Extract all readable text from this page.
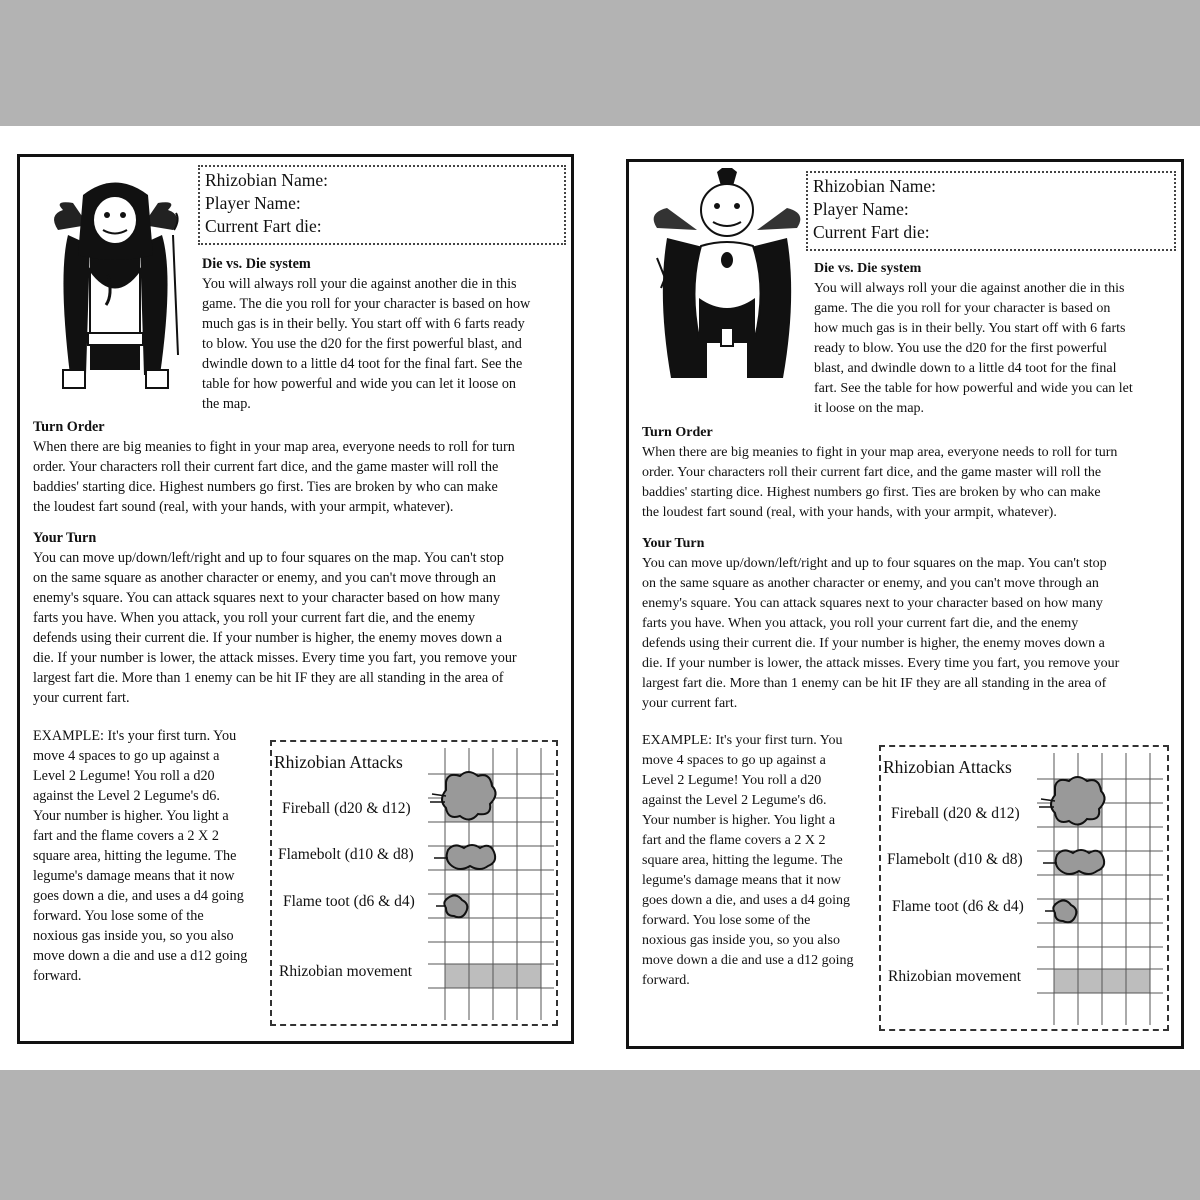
Rhizobian Name:
Player Name:
Current Fart die:
Die vs. Die system
You will always roll your die against another die in this
game. The die you roll for your character is based on how
much gas is in their belly. You start off with 6 farts ready
to blow. You use the d20 for the first powerful blast, and
dwindle down to a little d4 toot for the final fart. See the
table for how powerful and wide you can let it loose on
the map.
Turn Order
When there are big meanies to fight in your map area, everyone needs to roll for turn
order. Your characters roll their current fart dice, and the game master will roll the
baddies' starting dice. Highest numbers go first. Ties are broken by who can make
the loudest fart sound (real, with your hands, with your armpit, whatever).
Your Turn
You can move up/down/left/right and up to four squares on the map. You can't stop
on the same square as another character or enemy, and you can't move through an
enemy's square. You can attack squares next to your character based on how many
farts you have. When you attack, you roll your current fart die, and the enemy
defends using their current die. If your number is higher, the enemy moves down a
die. If your number is lower, the attack misses. Every time you fart, you remove your
largest fart die. More than 1 enemy can be hit IF they are all standing in the area of
your current fart.
EXAMPLE: It's your first turn. You
move 4 spaces to go up against a
Level 2 Legume! You roll a d20
against the Level 2 Legume's d6.
Your number is higher. You light a
fart and the flame covers a 2 X 2
square area, hitting the legume. The
legume's damage means that it now
goes down a die, and uses a d4 going
forward. You lose some of the
noxious gas inside you, so you also
move down a die and use a d12 going
forward.
Rhizobian Attacks
Fireball (d20 & d12)
Flamebolt (d10 & d8)
Flame toot (d6 & d4)
Rhizobian movement
Rhizobian Name:
Player Name:
Current Fart die:
Die vs. Die system
You will always roll your die against another die in this
game. The die you roll for your character is based on
how much gas is in their belly. You start off with 6 farts
ready to blow. You use the d20 for the first powerful
blast, and dwindle down to a little d4 toot for the final
fart. See the table for how powerful and wide you can let
it loose on the map.
Turn Order
When there are big meanies to fight in your map area, everyone needs to roll for turn
order. Your characters roll their current fart dice, and the game master will roll the
baddies' starting dice. Highest numbers go first. Ties are broken by who can make
the loudest fart sound (real, with your hands, with your armpit, whatever).
Your Turn
You can move up/down/left/right and up to four squares on the map. You can't stop
on the same square as another character or enemy, and you can't move through an
enemy's square. You can attack squares next to your character based on how many
farts you have. When you attack, you roll your current fart die, and the enemy
defends using their current die. If your number is higher, the enemy moves down a
die. If your number is lower, the attack misses. Every time you fart, you remove your
largest fart die. More than 1 enemy can be hit IF they are all standing in the area of
your current fart.
EXAMPLE: It's your first turn. You
move 4 spaces to go up against a
Level 2 Legume! You roll a d20
against the Level 2 Legume's d6.
Your number is higher. You light a
fart and the flame covers a 2 X 2
square area, hitting the legume. The
legume's damage means that it now
goes down a die, and uses a d4 going
forward. You lose some of the
noxious gas inside you, so you also
move down a die and use a d12 going
forward.
Rhizobian Attacks
Fireball (d20 & d12)
Flamebolt (d10 & d8)
Flame toot (d6 & d4)
Rhizobian movement
